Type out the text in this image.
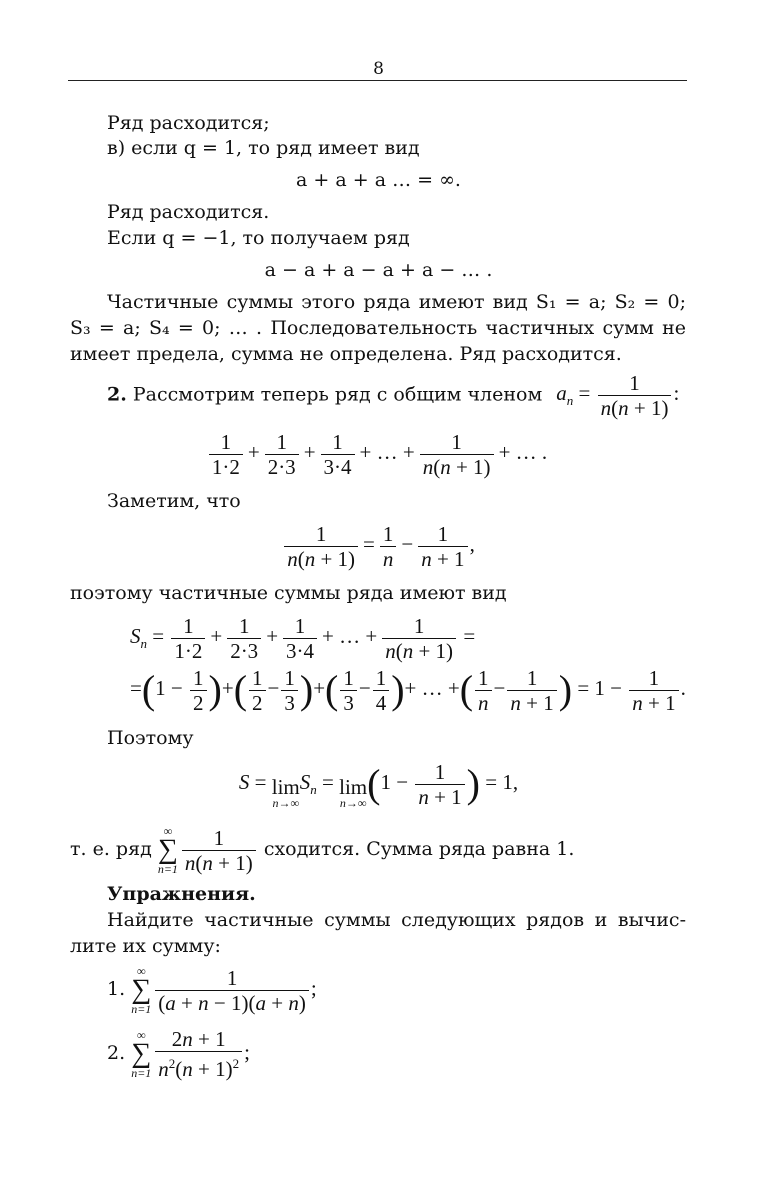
8
Ряд расходится;
в) если q = 1, то ряд имеет вид
a + a + a … = ∞.
Ряд расходится.
Если q = −1, то получаем ряд
a − a + a − a + a − … .
Частичные суммы этого ряда имеют вид S₁ = a; S₂ = 0;
S₃ = a; S₄ = 0; … . Последовательность частичных сумм не
имеет предела, сумма не определена. Ряд расходится.
2. Рассмотрим теперь ряд с общим членом $a_n = \frac{1}{n(n + 1)}$ :
$\frac{1}{1\cdot 2} + \frac{1}{2\cdot 3} + \frac{1}{3\cdot 4}$ + … + $\frac{1}{n(n + 1)}$ + … .
Заметим, что
$\frac{1}{n(n + 1)} = \frac{1}{n} - \frac{1}{n + 1}$ ,
поэтому частичные суммы ряда имеют вид
$S_n = \frac{1}{1\cdot 2} + \frac{1}{2\cdot 3} + \frac{1}{3\cdot 4}$ + … + $\frac{1}{n(n + 1)}$ =
$=(1 - \frac{1}{2}$ )+( $\frac{1}{2} - \frac{1}{3}$ )+( $\frac{1}{3} - \frac{1}{4}$ )+ … +( $\frac{1}{n} - \frac{1}{n + 1}$ ) = $1 - \frac{1}{n + 1}$ .
Поэтому
S = lim
n→∞
$S_n = \lim$
n→∞ ($1 - \frac{1}{n + 1}$ ) = 1,
т. е. ряд
∞
∑
$n=1 \frac{1}{n(n + 1)}$ сходится. Сумма ряда равна 1.
Упражнения.
Найдите частичные суммы следующих рядов и вычис-
лите их сумму:
1.
∞
∑
$n=1 \frac{1}{(a + n - 1)(a + n)}$ ;
2.
∞
∑
$n=1 \frac{2n + 1}{n^2(n + 1)^2}$ ;
